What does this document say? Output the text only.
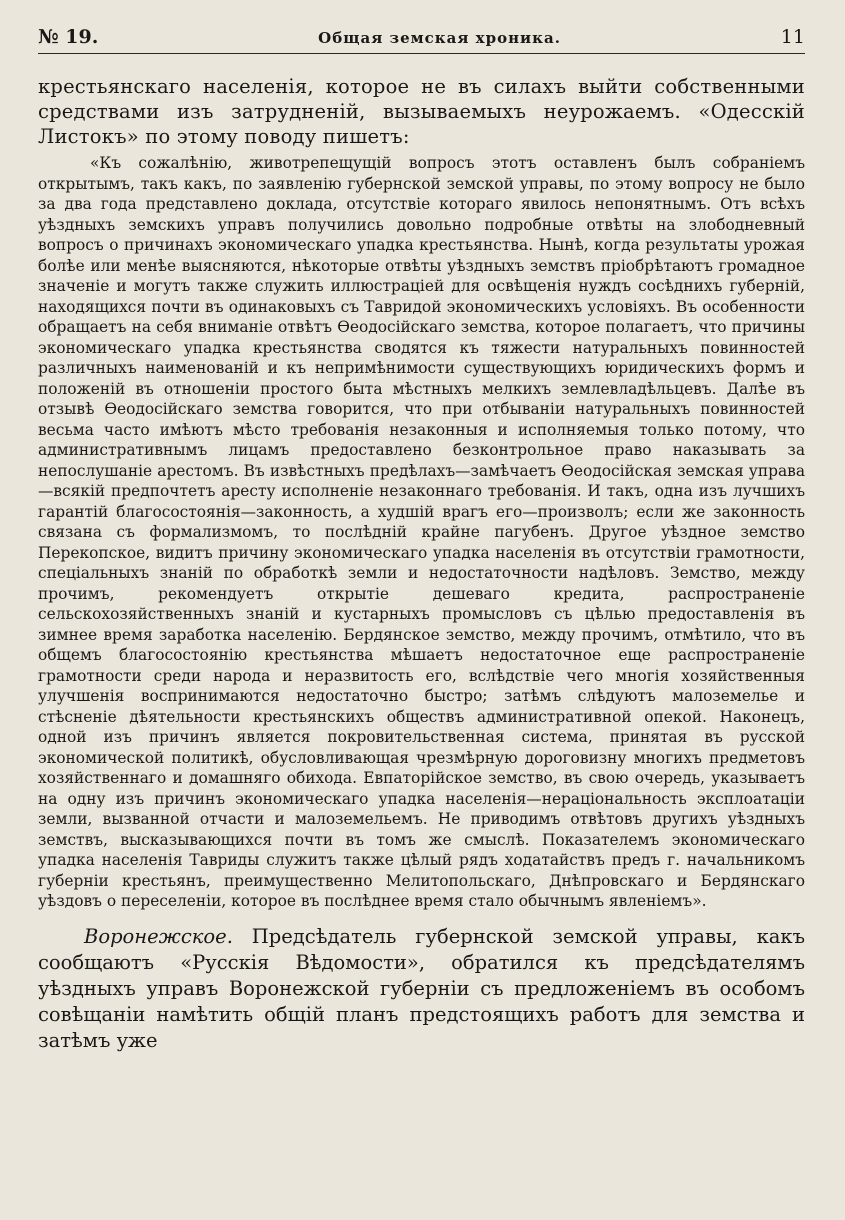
№ 19.	Общая земская хроника.	11

крестьянскаго населенія, которое не въ силахъ выйти собственными средствами изъ затрудненій, вызываемыхъ неурожаемъ. «Одесскій Листокъ» по этому поводу пишетъ:

«Къ сожалѣнію, животрепещущій вопросъ этотъ оставленъ былъ собраніемъ открытымъ, такъ какъ, по заявленію губернской земской управы, по этому вопросу не было за два года представлено доклада, отсутствіе котораго явилось непонятнымъ. Отъ всѣхъ уѣздныхъ земскихъ управъ получились довольно подробные отвѣты на злободневный вопросъ о причинахъ экономическаго упадка крестьянства. Нынѣ, когда результаты урожая болѣе или менѣе выясняются, нѣкоторые отвѣты уѣздныхъ земствъ пріобрѣтаютъ громадное значеніе и могутъ также служить иллюстраціей для освѣщенія нуждъ сосѣднихъ губерній, находящихся почти въ одинаковыхъ съ Тавридой экономическихъ условіяхъ. Въ особенности обращаетъ на себя вниманіе отвѣтъ Ѳеодосійскаго земства, которое полагаетъ, что причины экономическаго упадка крестьянства сводятся къ тяжести натуральныхъ повинностей различныхъ наименованій и къ непримѣнимости существующихъ юридическихъ формъ и положеній въ отношеніи простого быта мѣстныхъ мелкихъ землевладѣльцевъ. Далѣе въ отзывѣ Ѳеодосійскаго земства говорится, что при отбываніи натуральныхъ повинностей весьма часто имѣютъ мѣсто требованія незаконныя и исполняемыя только потому, что административнымъ лицамъ предоставлено безконтрольное право наказывать за непослушаніе арестомъ. Въ извѣстныхъ предѣлахъ—замѣчаетъ Ѳеодосійская земская управа—всякій предпочтетъ аресту исполненіе незаконнаго требованія. И такъ, одна изъ лучшихъ гарантій благосостоянія—законность, а худшій врагъ его—произволъ; если же законность связана съ формализмомъ, то послѣдній крайне пагубенъ. Другое уѣздное земство Перекопское, видитъ причину экономическаго упадка населенія въ отсутствіи грамотности, спеціальныхъ знаній по обработкѣ земли и недостаточности надѣловъ. Земство, между прочимъ, рекомендуетъ открытіе дешеваго кредита, распространеніе сельскохозяйственныхъ знаній и кустарныхъ промысловъ съ цѣлью предоставленія въ зимнее время заработка населенію. Бердянское земство, между прочимъ, отмѣтило, что въ общемъ благосостоянію крестьянства мѣшаетъ недостаточное еще распространеніе грамотности среди народа и неразвитость его, вслѣдствіе чего многія хозяйственныя улучшенія воспринимаются недостаточно быстро; затѣмъ слѣдуютъ малоземелье и стѣсненіе дѣятельности крестьянскихъ обществъ административной опекой. Наконецъ, одной изъ причинъ является покровительственная система, принятая въ русской экономической политикѣ, обусловливающая чрезмѣрную дороговизну многихъ предметовъ хозяйственнаго и домашняго обихода. Евпаторійское земство, въ свою очередь, указываетъ на одну изъ причинъ экономическаго упадка населенія—нераціональность эксплоатаціи земли, вызванной отчасти и малоземельемъ. Не приводимъ отвѣтовъ другихъ уѣздныхъ земствъ, высказывающихся почти въ томъ же смыслѣ. Показателемъ экономическаго упадка населенія Тавриды служитъ также цѣлый рядъ ходатайствъ предъ г. начальникомъ губерніи крестьянъ, преимущественно Мелитопольскаго, Днѣпровскаго и Бердянскаго уѣздовъ о переселеніи, которое въ послѣднее время стало обычнымъ явленіемъ».

Воронежское. Предсѣдатель губернской земской управы, какъ сообщаютъ «Русскія Вѣдомости», обратился къ предсѣдателямъ уѣздныхъ управъ Воронежской губерніи съ предложеніемъ въ особомъ совѣщаніи намѣтить общій планъ предстоящихъ работъ для земства и затѣмъ уже
